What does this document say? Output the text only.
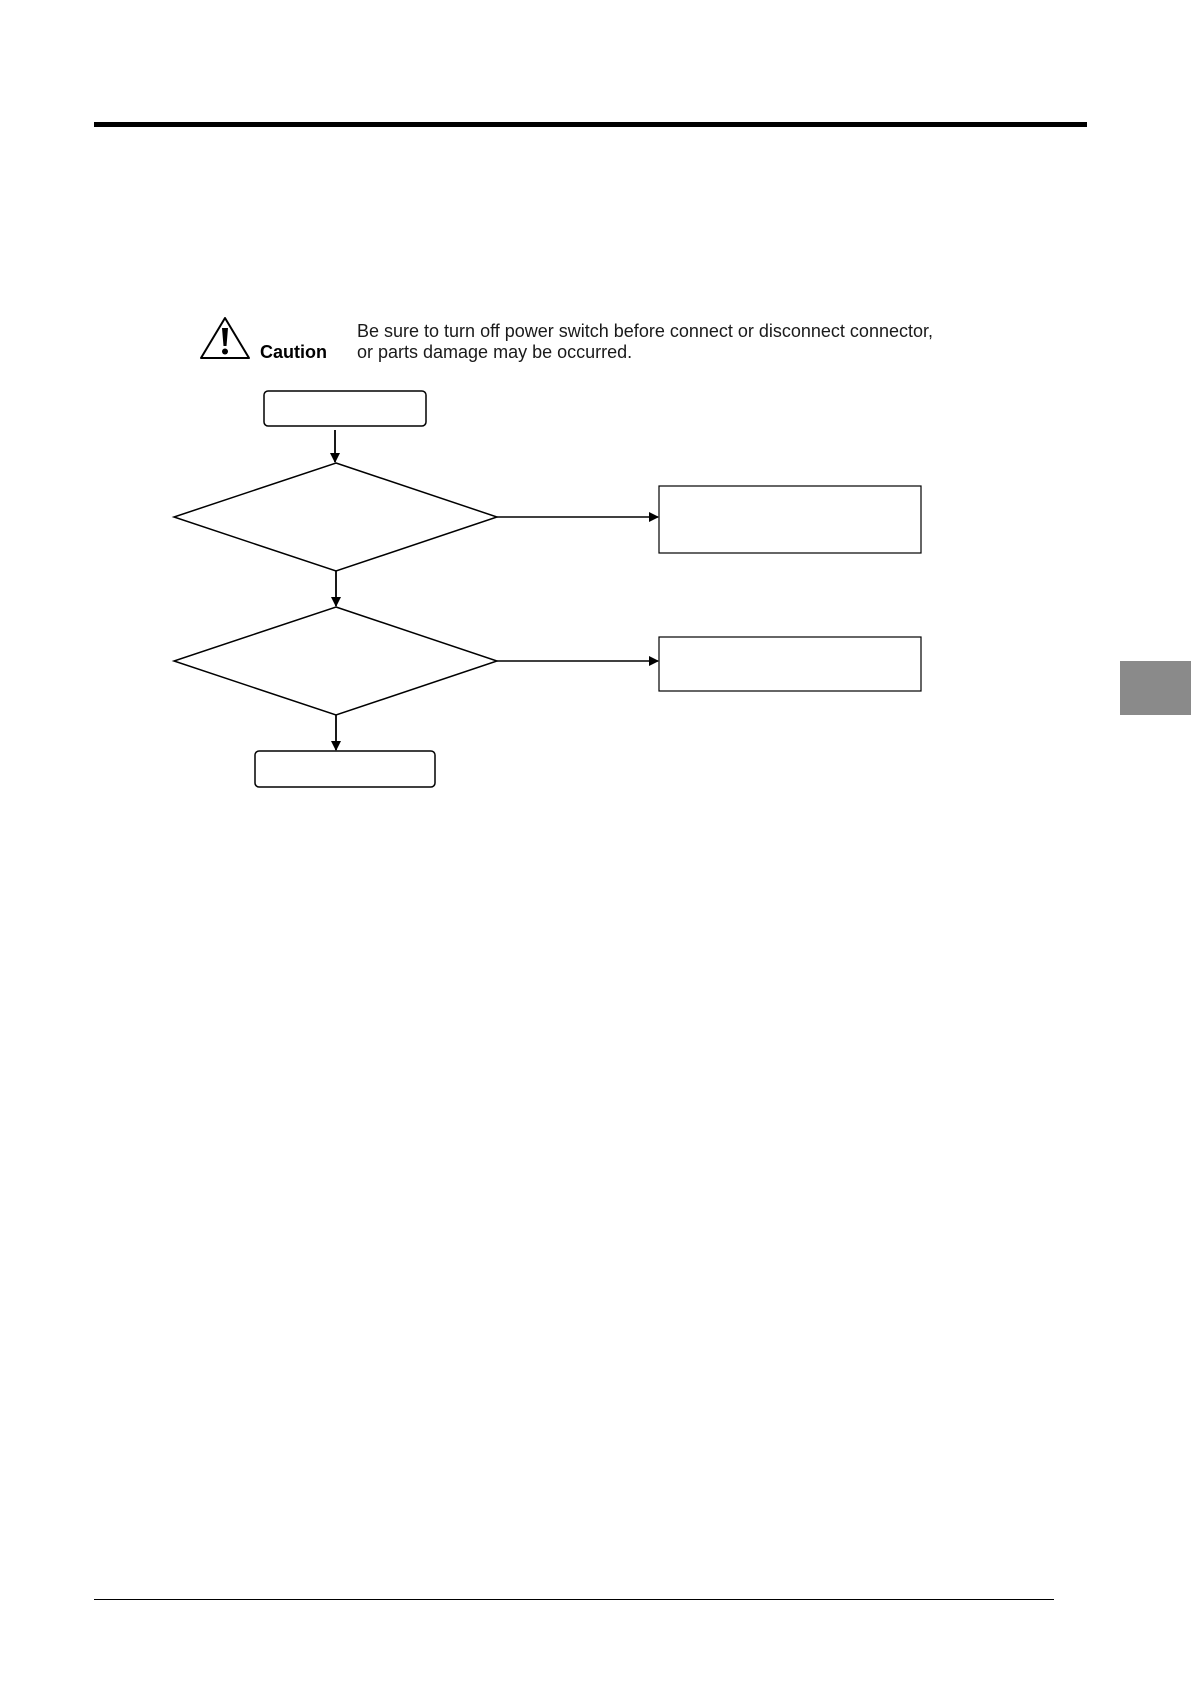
Caution
Be sure to turn off power switch before connect or disconnect connector,
or parts damage may be occurred.
